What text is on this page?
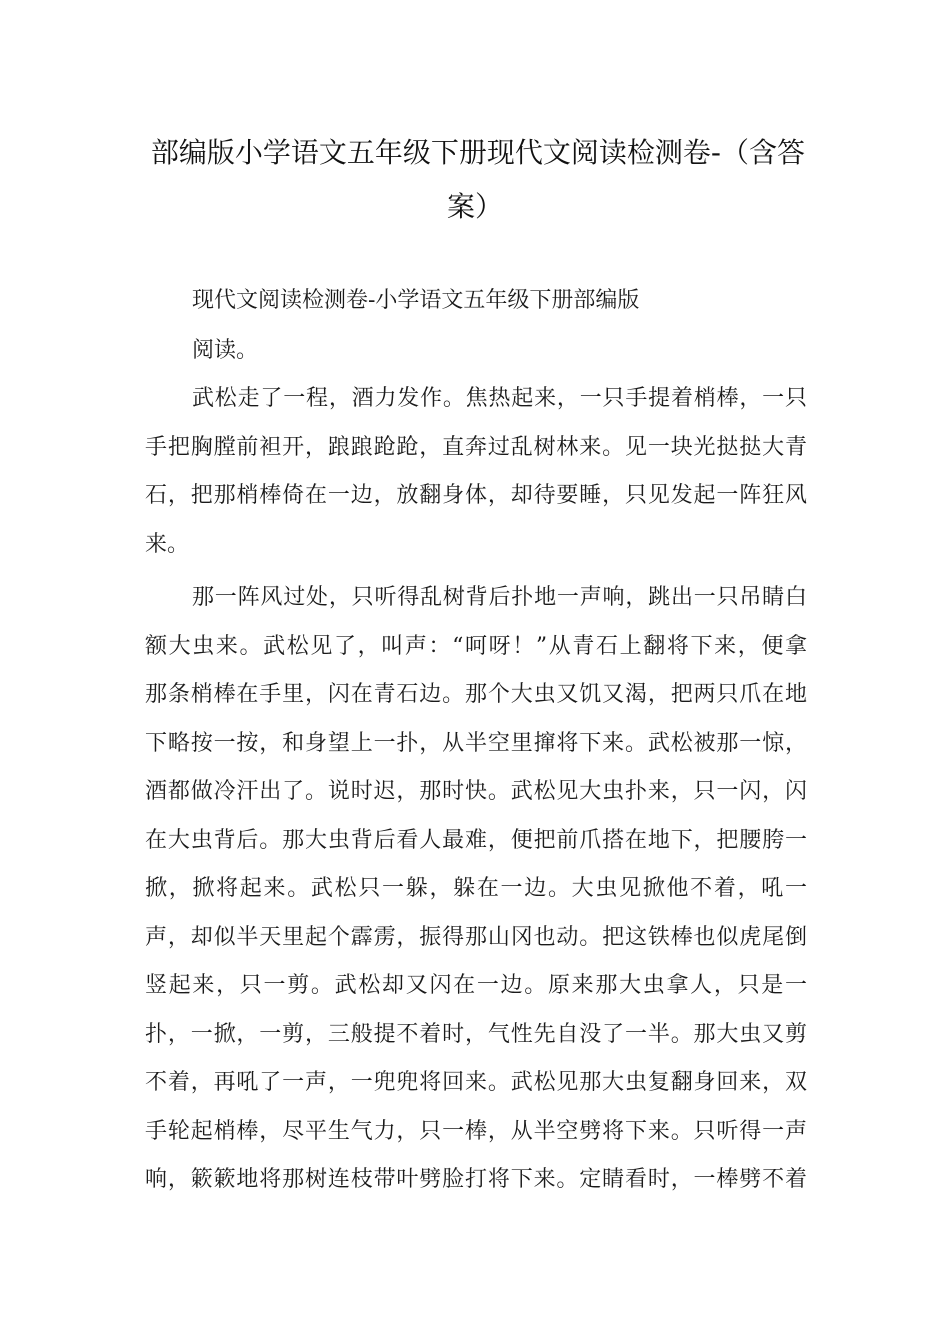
部编版小学语文五年级下册现代文阅读检测卷-（含答
案）
现代文阅读检测卷-小学语文五年级下册部编版
阅读。
武松走了一程，酒力发作。焦热起来，一只手提着梢棒，一只
手把胸膛前袒开，踉踉跄跄，直奔过乱树林来。见一块光挞挞大青
石，把那梢棒倚在一边，放翻身体，却待要睡，只见发起一阵狂风
来。
那一阵风过处，只听得乱树背后扑地一声响，跳出一只吊睛白
额大虫来。武松见了，叫声：“呵呀！”从青石上翻将下来，便拿
那条梢棒在手里，闪在青石边。那个大虫又饥又渴，把两只爪在地
下略按一按，和身望上一扑，从半空里撺将下来。武松被那一惊，
酒都做冷汗出了。说时迟，那时快。武松见大虫扑来，只一闪，闪
在大虫背后。那大虫背后看人最难，便把前爪搭在地下，把腰胯一
掀，掀将起来。武松只一躲，躲在一边。大虫见掀他不着，吼一
声，却似半天里起个霹雳，振得那山冈也动。把这铁棒也似虎尾倒
竖起来，只一剪。武松却又闪在一边。原来那大虫拿人，只是一
扑，一掀，一剪，三般提不着时，气性先自没了一半。那大虫又剪
不着，再吼了一声，一兜兜将回来。武松见那大虫复翻身回来，双
手轮起梢棒，尽平生气力，只一棒，从半空劈将下来。只听得一声
响，簌簌地将那树连枝带叶劈脸打将下来。定睛看时，一棒劈不着
